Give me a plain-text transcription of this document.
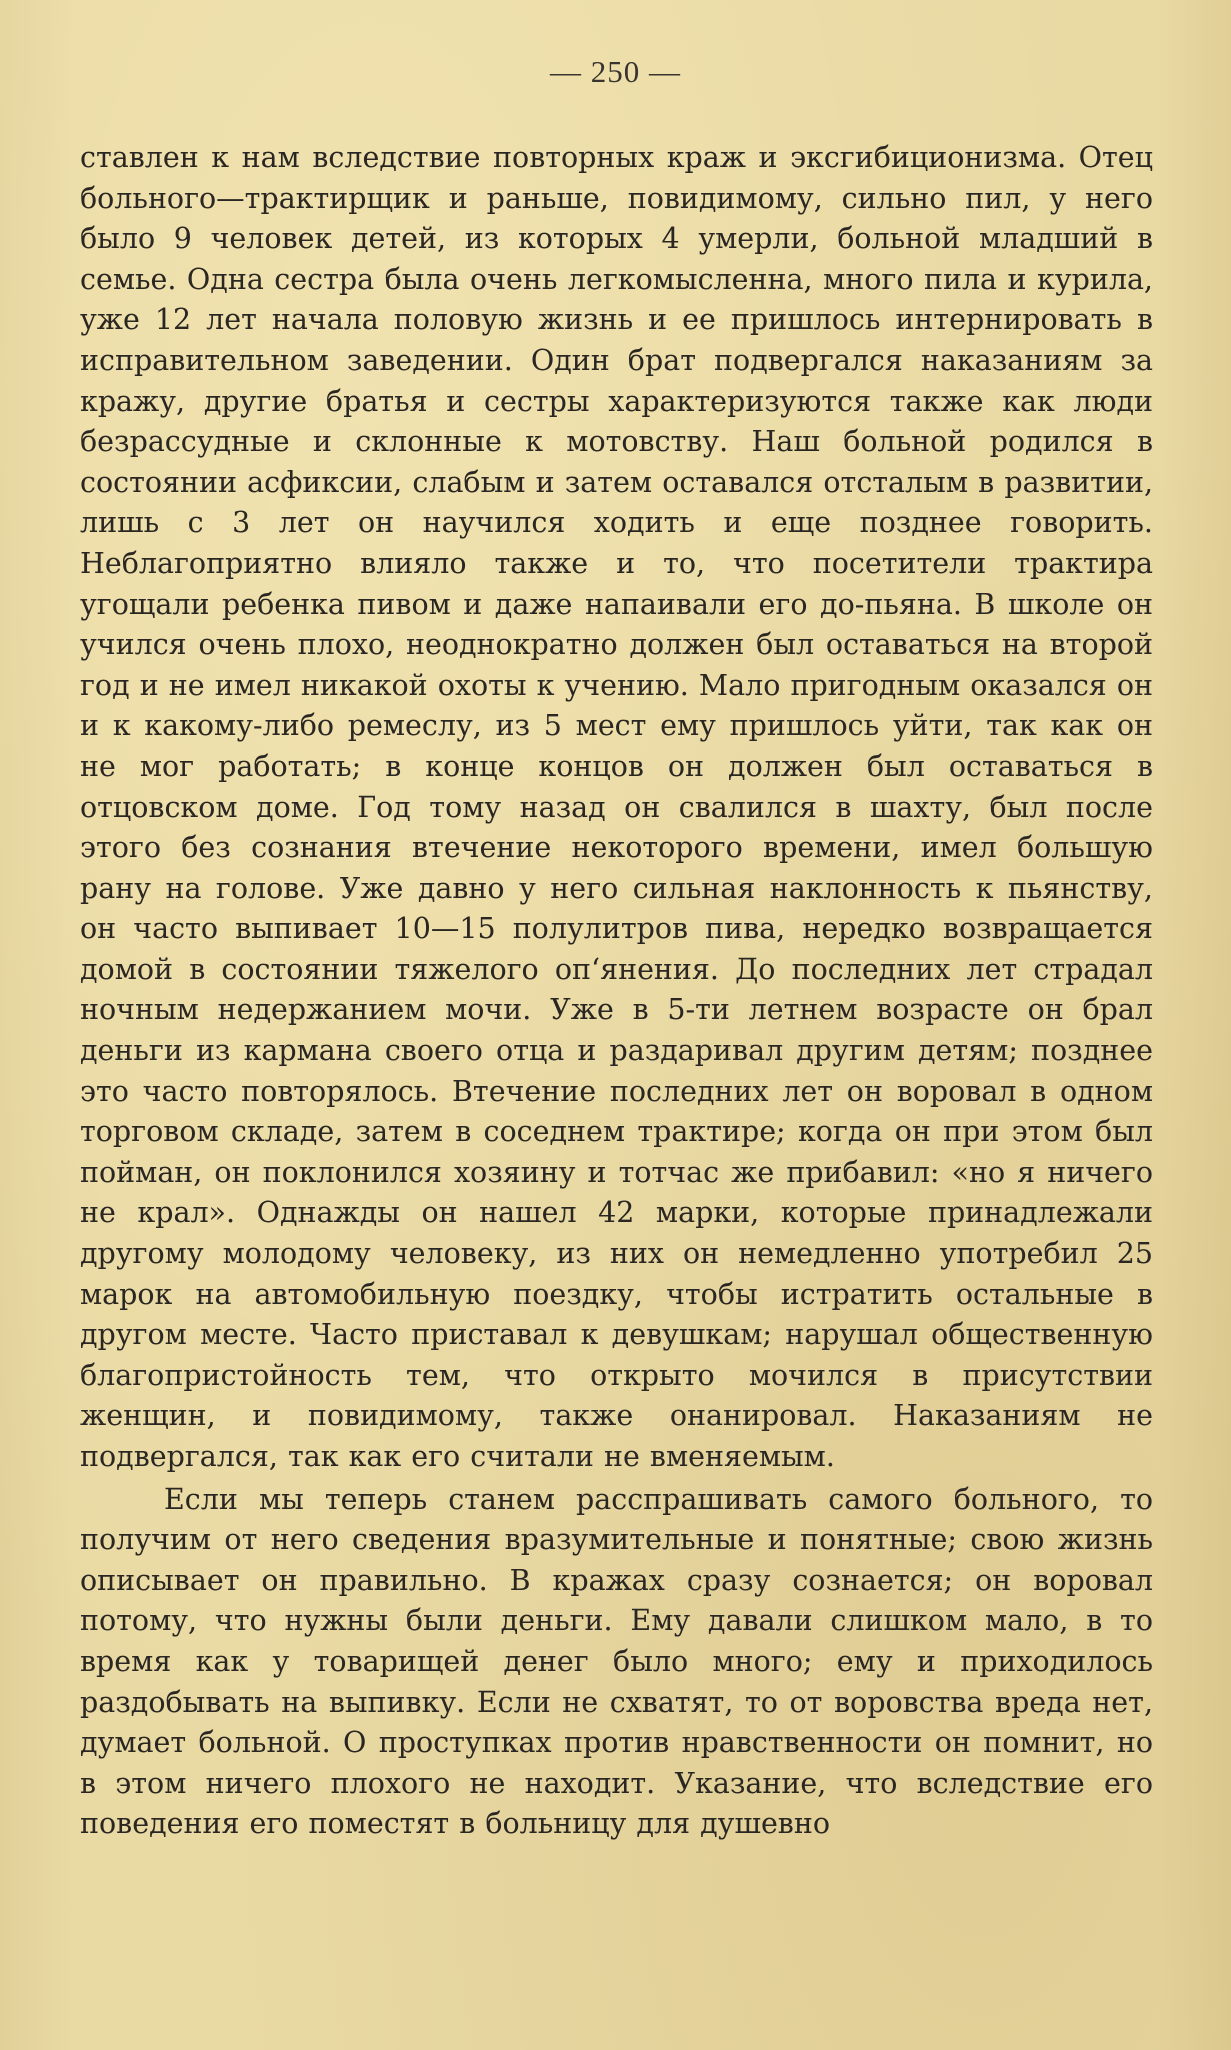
— 250 —

ставлен к нам вследствие повторных краж и эксгибиционизма. Отец больного—трактирщик и раньше, повидимому, сильно пил, у него было 9 человек детей, из которых 4 умерли, больной младший в семье. Одна сестра была очень легкомысленна, много пила и курила, уже 12 лет начала половую жизнь и ее пришлось интернировать в исправительном заведении. Один брат подвергался наказаниям за кражу, другие братья и сестры характеризуются также как люди безрассудные и склонные к мотовству. Наш больной родился в состоянии асфиксии, слабым и затем оставался отсталым в развитии, лишь с 3 лет он научился ходить и еще позднее говорить. Неблагоприятно влияло также и то, что посетители трактира угощали ребенка пивом и даже напаивали его до-пьяна. В школе он учился очень плохо, неоднократно должен был оставаться на второй год и не имел никакой охоты к учению. Мало пригодным оказался он и к какому-либо ремеслу, из 5 мест ему пришлось уйти, так как он не мог работать; в конце концов он должен был оставаться в отцовском доме. Год тому назад он свалился в шахту, был после этого без сознания втечение некоторого времени, имел большую рану на голове. Уже давно у него сильная наклонность к пьянству, он часто выпивает 10—15 полулитров пива, нередко возвращается домой в состоянии тяжелого оп‘янения. До последних лет страдал ночным недержанием мочи. Уже в 5-ти летнем возрасте он брал деньги из кармана своего отца и раздаривал другим детям; позднее это часто повторялось. Втечение последних лет он воровал в одном торговом складе, затем в соседнем трактире; когда он при этом был пойман, он поклонился хозяину и тотчас же прибавил: «но я ничего не крал». Однажды он нашел 42 марки, которые принадлежали другому молодому человеку, из них он немедленно употребил 25 марок на автомобильную поездку, чтобы истратить остальные в другом месте. Часто приставал к девушкам; нарушал общественную благопристойность тем, что открыто мочился в присутствии женщин, и повидимому, также онанировал. Наказаниям не подвергался, так как его считали не вменяемым.

Если мы теперь станем расспрашивать самого больного, то получим от него сведения вразумительные и понятные; свою жизнь описывает он правильно. В кражах сразу сознается; он воровал потому, что нужны были деньги. Ему давали слишком мало, в то время как у товарищей денег было много; ему и приходилось раздобывать на выпивку. Если не схватят, то от воровства вреда нет, думает больной. О проступках против нравственности он помнит, но в этом ничего плохого не находит. Указание, что вследствие его поведения его поместят в больницу для душевно
